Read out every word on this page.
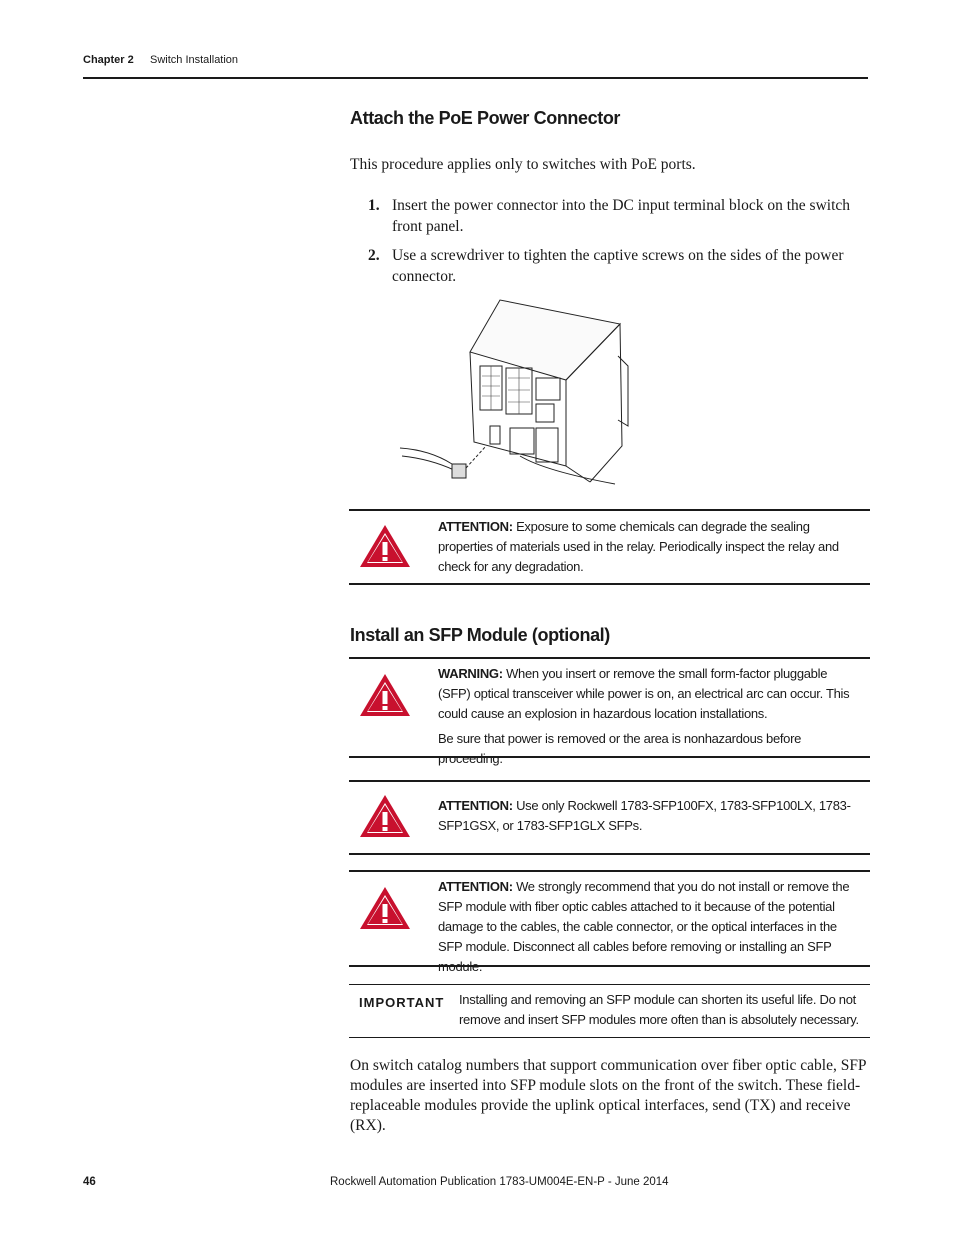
Chapter 2 Switch Installation
Attach the PoE Power Connector
This procedure applies only to switches with PoE ports.
1. Insert the power connector into the DC input terminal block on the switch front panel.
2. Use a screwdriver to tighten the captive screws on the sides of the power connector.
ATTENTION: Exposure to some chemicals can degrade the sealing properties of materials used in the relay. Periodically inspect the relay and check for any degradation.
Install an SFP Module (optional)
WARNING: When you insert or remove the small form-factor pluggable (SFP) optical transceiver while power is on, an electrical arc can occur. This could cause an explosion in hazardous location installations.
Be sure that power is removed or the area is nonhazardous before proceeding.
ATTENTION: Use only Rockwell 1783-SFP100FX, 1783-SFP100LX, 1783-SFP1GSX, or 1783-SFP1GLX SFPs.
ATTENTION: We strongly recommend that you do not install or remove the SFP module with fiber optic cables attached to it because of the potential damage to the cables, the cable connector, or the optical interfaces in the SFP module. Disconnect all cables before removing or installing an SFP module.
IMPORTANT Installing and removing an SFP module can shorten its useful life. Do not remove and insert SFP modules more often than is absolutely necessary.
On switch catalog numbers that support communication over fiber optic cable, SFP modules are inserted into SFP module slots on the front of the switch. These field-replaceable modules provide the uplink optical interfaces, send (TX) and receive (RX).
46	Rockwell Automation Publication 1783-UM004E-EN-P - June 2014
